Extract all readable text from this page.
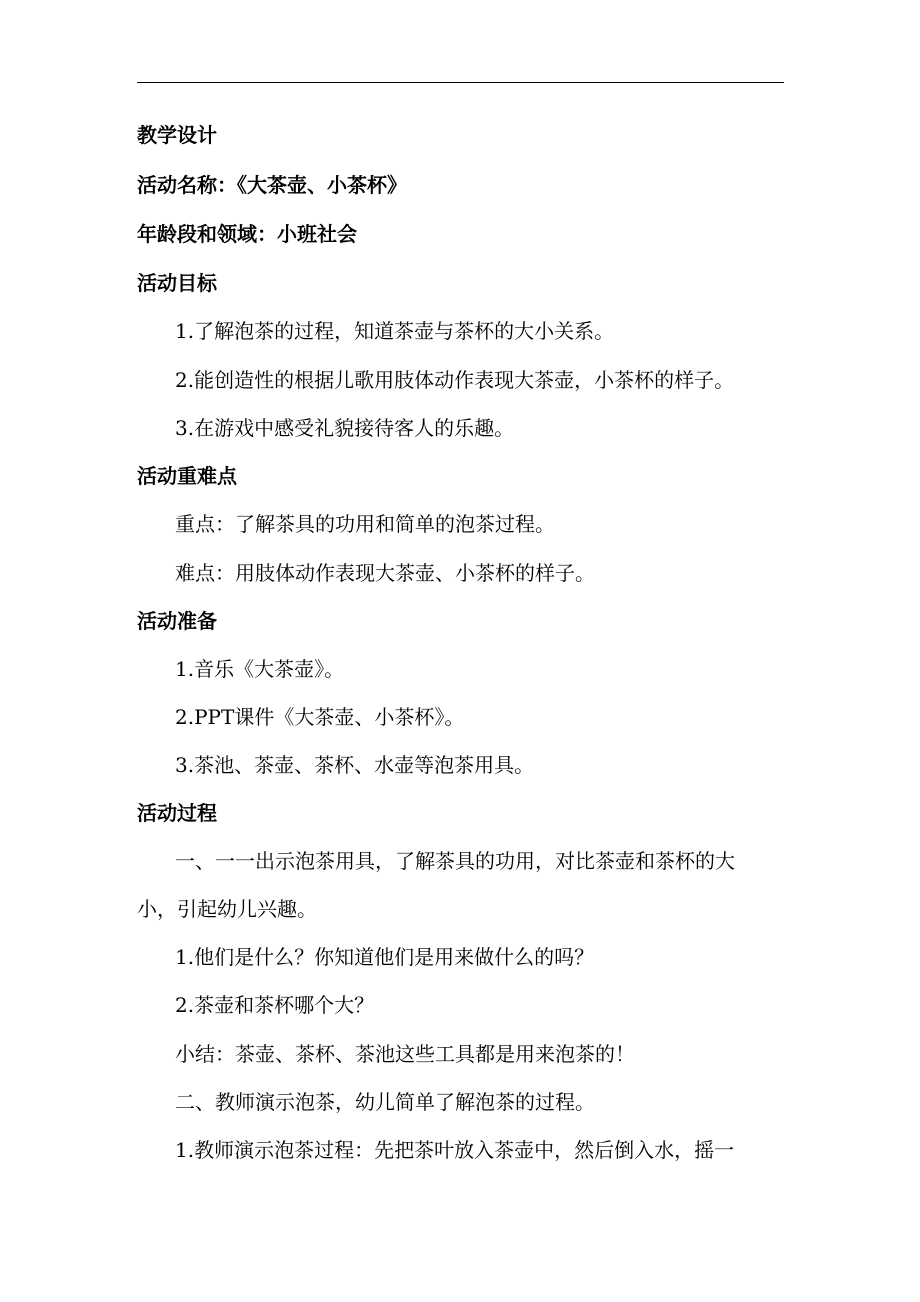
教学设计
活动名称：《大茶壶、小茶杯》
年龄段和领域：小班社会
活动目标
1.了解泡茶的过程，知道茶壶与茶杯的大小关系。
2.能创造性的根据儿歌用肢体动作表现大茶壶，小茶杯的样子。
3.在游戏中感受礼貌接待客人的乐趣。
活动重难点
重点：了解茶具的功用和简单的泡茶过程。
难点：用肢体动作表现大茶壶、小茶杯的样子。
活动准备
1.音乐《大茶壶》。
2.PPT课件《大茶壶、小茶杯》。
3.茶池、茶壶、茶杯、水壶等泡茶用具。
活动过程
一、一一出示泡茶用具，了解茶具的功用，对比茶壶和茶杯的大
小，引起幼儿兴趣。
1.他们是什么？你知道他们是用来做什么的吗？
2.茶壶和茶杯哪个大？
小结：茶壶、茶杯、茶池这些工具都是用来泡茶的！
二、教师演示泡茶，幼儿简单了解泡茶的过程。
1.教师演示泡茶过程：先把茶叶放入茶壶中，然后倒入水，摇一
